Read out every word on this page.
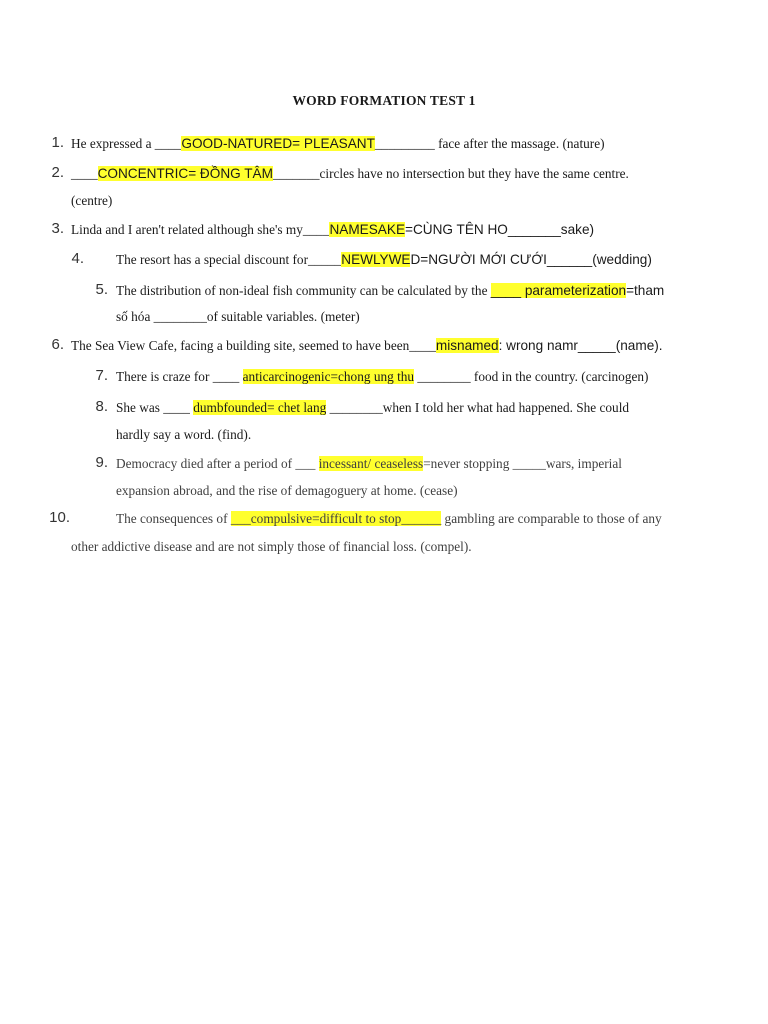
WORD FORMATION TEST 1
1. He expressed a ____GOOD-NATURED= PLEASANT_________ face after the massage. (nature)
2. ____CONCENTRIC= ĐỒNG TÂM_______circles have no intersection but they have the same centre.
(centre)
3. Linda and I aren't related although she's my____NAMESAKE=CÙNG TÊN HO_______sake)
4. The resort has a special discount for_____NEWLYWED=NGƯỜI MỚI CƯỚI______(wedding)
5. The distribution of non-ideal fish community can be calculated by the ____ parameterization=tham
số hóa ________of suitable variables. (meter)
6. The Sea View Cafe, facing a building site, seemed to have been____misnamed: wrong namr_____(name).
7. There is craze for ____ anticarcinogenic=chong ung thu ________ food in the country. (carcinogen)
8. She was ____ dumbfounded= chet lang ________when I told her what had happened. She could
hardly say a word. (find).
9. Democracy died after a period of ___ incessant/ ceaseless=never stopping _____wars, imperial
expansion abroad, and the rise of demagoguery at home. (cease)
10.	The consequences of ___compulsive=difficult to stop______ gambling are comparable to those of any
other addictive disease and are not simply those of financial loss. (compel).
